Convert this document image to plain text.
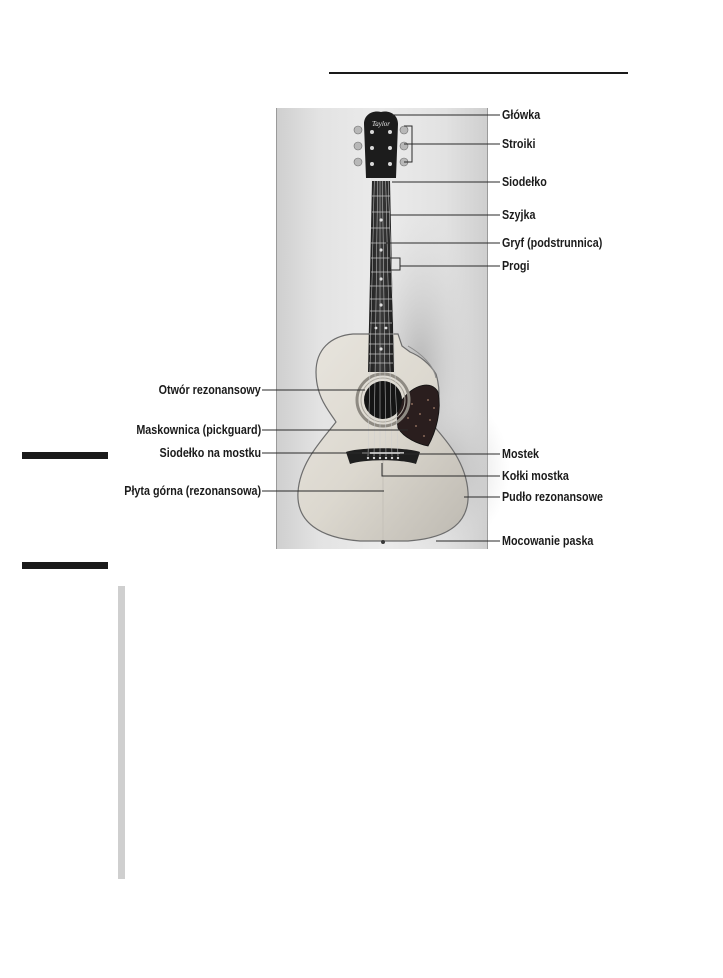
Taylor
Główka
Stroiki
Siodełko
Szyjka
Gryf (podstrunnica)
Progi
Mostek
Kołki mostka
Pudło rezonansowe
Mocowanie paska
Otwór rezonansowy
Maskownica (pickguard)
Siodełko na mostku
Płyta górna (rezonansowa)
